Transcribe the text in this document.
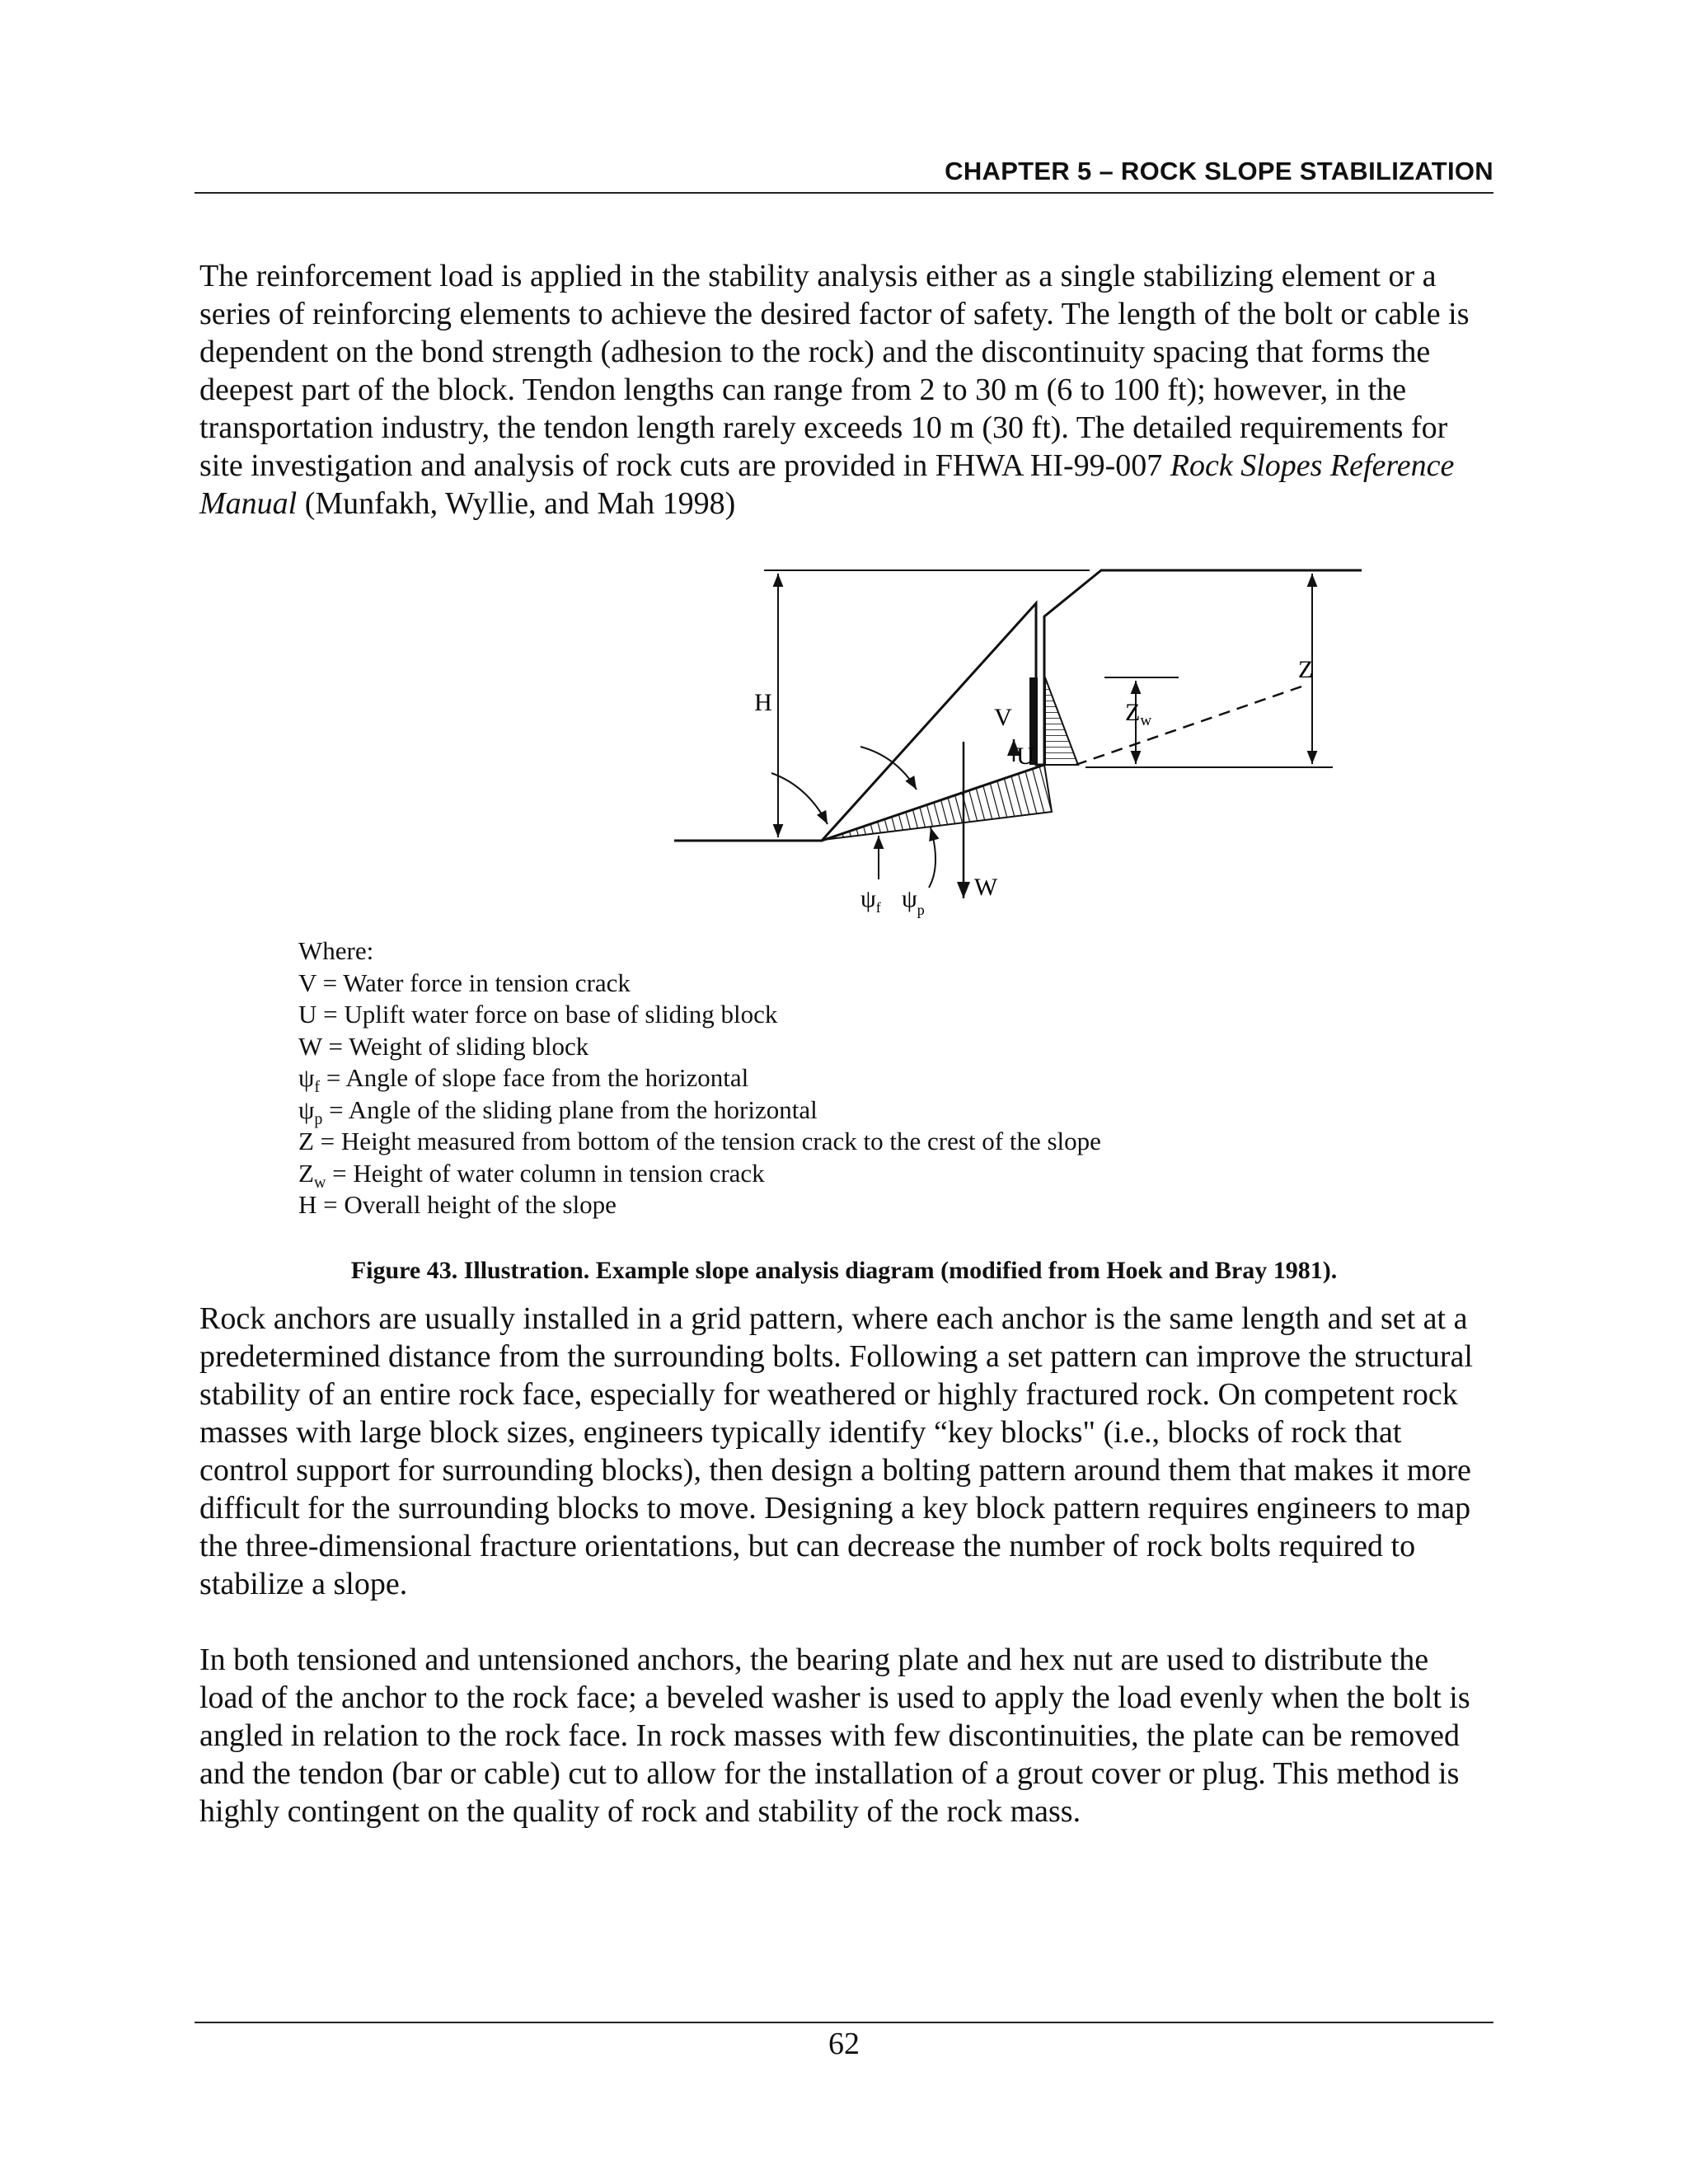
CHAPTER 5 – ROCK SLOPE STABILIZATION

The reinforcement load is applied in the stability analysis either as a single stabilizing element or a series of reinforcing elements to achieve the desired factor of safety. The length of the bolt or cable is dependent on the bond strength (adhesion to the rock) and the discontinuity spacing that forms the deepest part of the block. Tendon lengths can range from 2 to 30 m (6 to 100 ft); however, in the transportation industry, the tendon length rarely exceeds 10 m (30 ft). The detailed requirements for site investigation and analysis of rock cuts are provided in FHWA HI-99-007 Rock Slopes Reference Manual (Munfakh, Wyllie, and Mah 1998)

H
Z
$Z_w$
V
U
W
$\psi_f$ $\psi_p$
Where:
V = Water force in tension crack
U = Uplift water force on base of sliding block
W = Weight of sliding block
$\psi_f$ = Angle of slope face from the horizontal
$\psi_p$ = Angle of the sliding plane from the horizontal
Z = Height measured from bottom of the tension crack to the crest of the slope
$Z_w$ = Height of water column in tension crack
H = Overall height of the slope
Figure 43. Illustration. Example slope analysis diagram (modified from Hoek and Bray 1981).

Rock anchors are usually installed in a grid pattern, where each anchor is the same length and set at a predetermined distance from the surrounding bolts. Following a set pattern can improve the structural stability of an entire rock face, especially for weathered or highly fractured rock. On competent rock masses with large block sizes, engineers typically identify “key blocks" (i.e., blocks of rock that control support for surrounding blocks), then design a bolting pattern around them that makes it more difficult for the surrounding blocks to move. Designing a key block pattern requires engineers to map the three-dimensional fracture orientations, but can decrease the number of rock bolts required to stabilize a slope.

In both tensioned and untensioned anchors, the bearing plate and hex nut are used to distribute the load of the anchor to the rock face; a beveled washer is used to apply the load evenly when the bolt is angled in relation to the rock face. In rock masses with few discontinuities, the plate can be removed and the tendon (bar or cable) cut to allow for the installation of a grout cover or plug. This method is highly contingent on the quality of rock and stability of the rock mass.

62
